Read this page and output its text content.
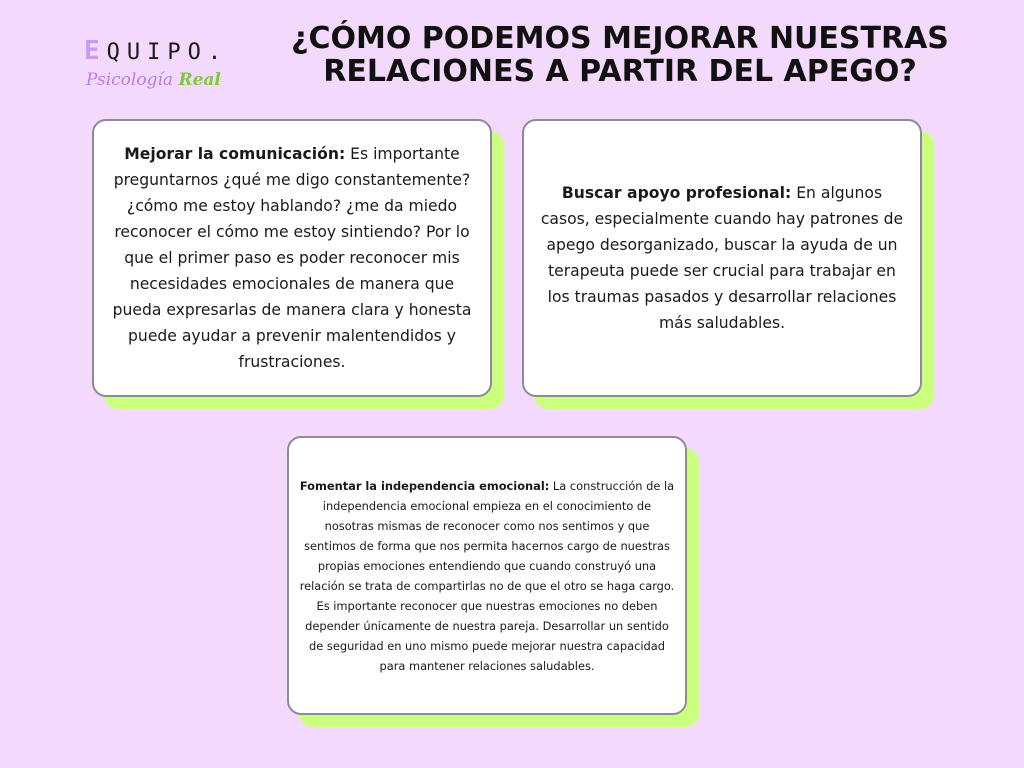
EQUIPO.
Psicología Real
¿CÓMO PODEMOS MEJORAR NUESTRAS RELACIONES A PARTIR DEL APEGO?

Mejorar la comunicación: Es importante preguntarnos ¿qué me digo constantemente? ¿cómo me estoy hablando? ¿me da miedo reconocer el cómo me estoy sintiendo? Por lo que el primer paso es poder reconocer mis necesidades emocionales de manera que pueda expresarlas de manera clara y honesta puede ayudar a prevenir malentendidos y frustraciones.

Buscar apoyo profesional: En algunos casos, especialmente cuando hay patrones de apego desorganizado, buscar la ayuda de un terapeuta puede ser crucial para trabajar en los traumas pasados y desarrollar relaciones más saludables.

Fomentar la independencia emocional: La construcción de la independencia emocional empieza en el conocimiento de nosotras mismas de reconocer como nos sentimos y que sentimos de forma que nos permita hacernos cargo de nuestras propias emociones entendiendo que cuando construyó una relación se trata de compartirlas no de que el otro se haga cargo. Es importante reconocer que nuestras emociones no deben depender únicamente de nuestra pareja. Desarrollar un sentido de seguridad en uno mismo puede mejorar nuestra capacidad para mantener relaciones saludables.
